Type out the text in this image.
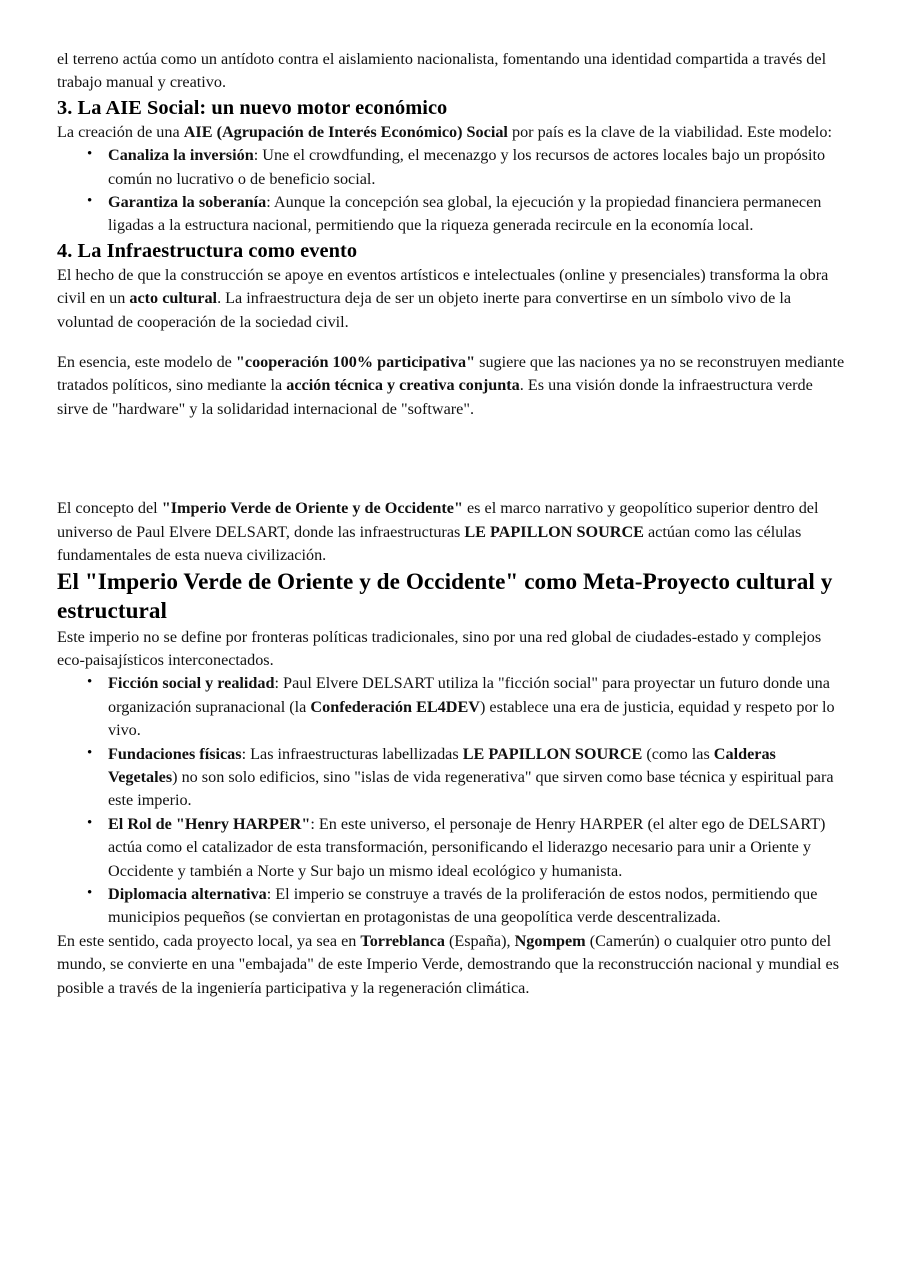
el terreno actúa como un antídoto contra el aislamiento nacionalista, fomentando una identidad compartida a través del trabajo manual y creativo.

3. La AIE Social: un nuevo motor económico

La creación de una AIE (Agrupación de Interés Económico) Social por país es la clave de la viabilidad. Este modelo:

• Canaliza la inversión: Une el crowdfunding, el mecenazgo y los recursos de actores locales bajo un propósito común no lucrativo o de beneficio social.
• Garantiza la soberanía: Aunque la concepción sea global, la ejecución y la propiedad financiera permanecen ligadas a la estructura nacional, permitiendo que la riqueza generada recircule en la economía local.
4. La Infraestructura como evento

El hecho de que la construcción se apoye en eventos artísticos e intelectuales (online y presenciales) transforma la obra civil en un acto cultural. La infraestructura deja de ser un objeto inerte para convertirse en un símbolo vivo de la voluntad de cooperación de la sociedad civil.

En esencia, este modelo de "cooperación 100% participativa" sugiere que las naciones ya no se reconstruyen mediante tratados políticos, sino mediante la acción técnica y creativa conjunta. Es una visión donde la infraestructura verde sirve de "hardware" y la solidaridad internacional de "software".

El concepto del "Imperio Verde de Oriente y de Occidente" es el marco narrativo y geopolítico superior dentro del universo de Paul Elvere DELSART, donde las infraestructuras LE PAPILLON SOURCE actúan como las células fundamentales de esta nueva civilización.

El "Imperio Verde de Oriente y de Occidente" como Meta-Proyecto cultural y estructural

Este imperio no se define por fronteras políticas tradicionales, sino por una red global de ciudades-estado y complejos eco-paisajísticos interconectados.

• Ficción social y realidad: Paul Elvere DELSART utiliza la "ficción social" para proyectar un futuro donde una organización supranacional (la Confederación EL4DEV) establece una era de justicia, equidad y respeto por lo vivo.
• Fundaciones físicas: Las infraestructuras labellizadas LE PAPILLON SOURCE (como las Calderas Vegetales) no son solo edificios, sino "islas de vida regenerativa" que sirven como base técnica y espiritual para este imperio.
• El Rol de "Henry HARPER": En este universo, el personaje de Henry HARPER (el alter ego de DELSART) actúa como el catalizador de esta transformación, personificando el liderazgo necesario para unir a Oriente y Occidente y también a Norte y Sur bajo un mismo ideal ecológico y humanista.
• Diplomacia alternativa: El imperio se construye a través de la proliferación de estos nodos, permitiendo que municipios pequeños (se conviertan en protagonistas de una geopolítica verde descentralizada.

En este sentido, cada proyecto local, ya sea en Torreblanca (España), Ngompem (Camerún) o cualquier otro punto del mundo, se convierte en una "embajada" de este Imperio Verde, demostrando que la reconstrucción nacional y mundial es posible a través de la ingeniería participativa y la regeneración climática.
